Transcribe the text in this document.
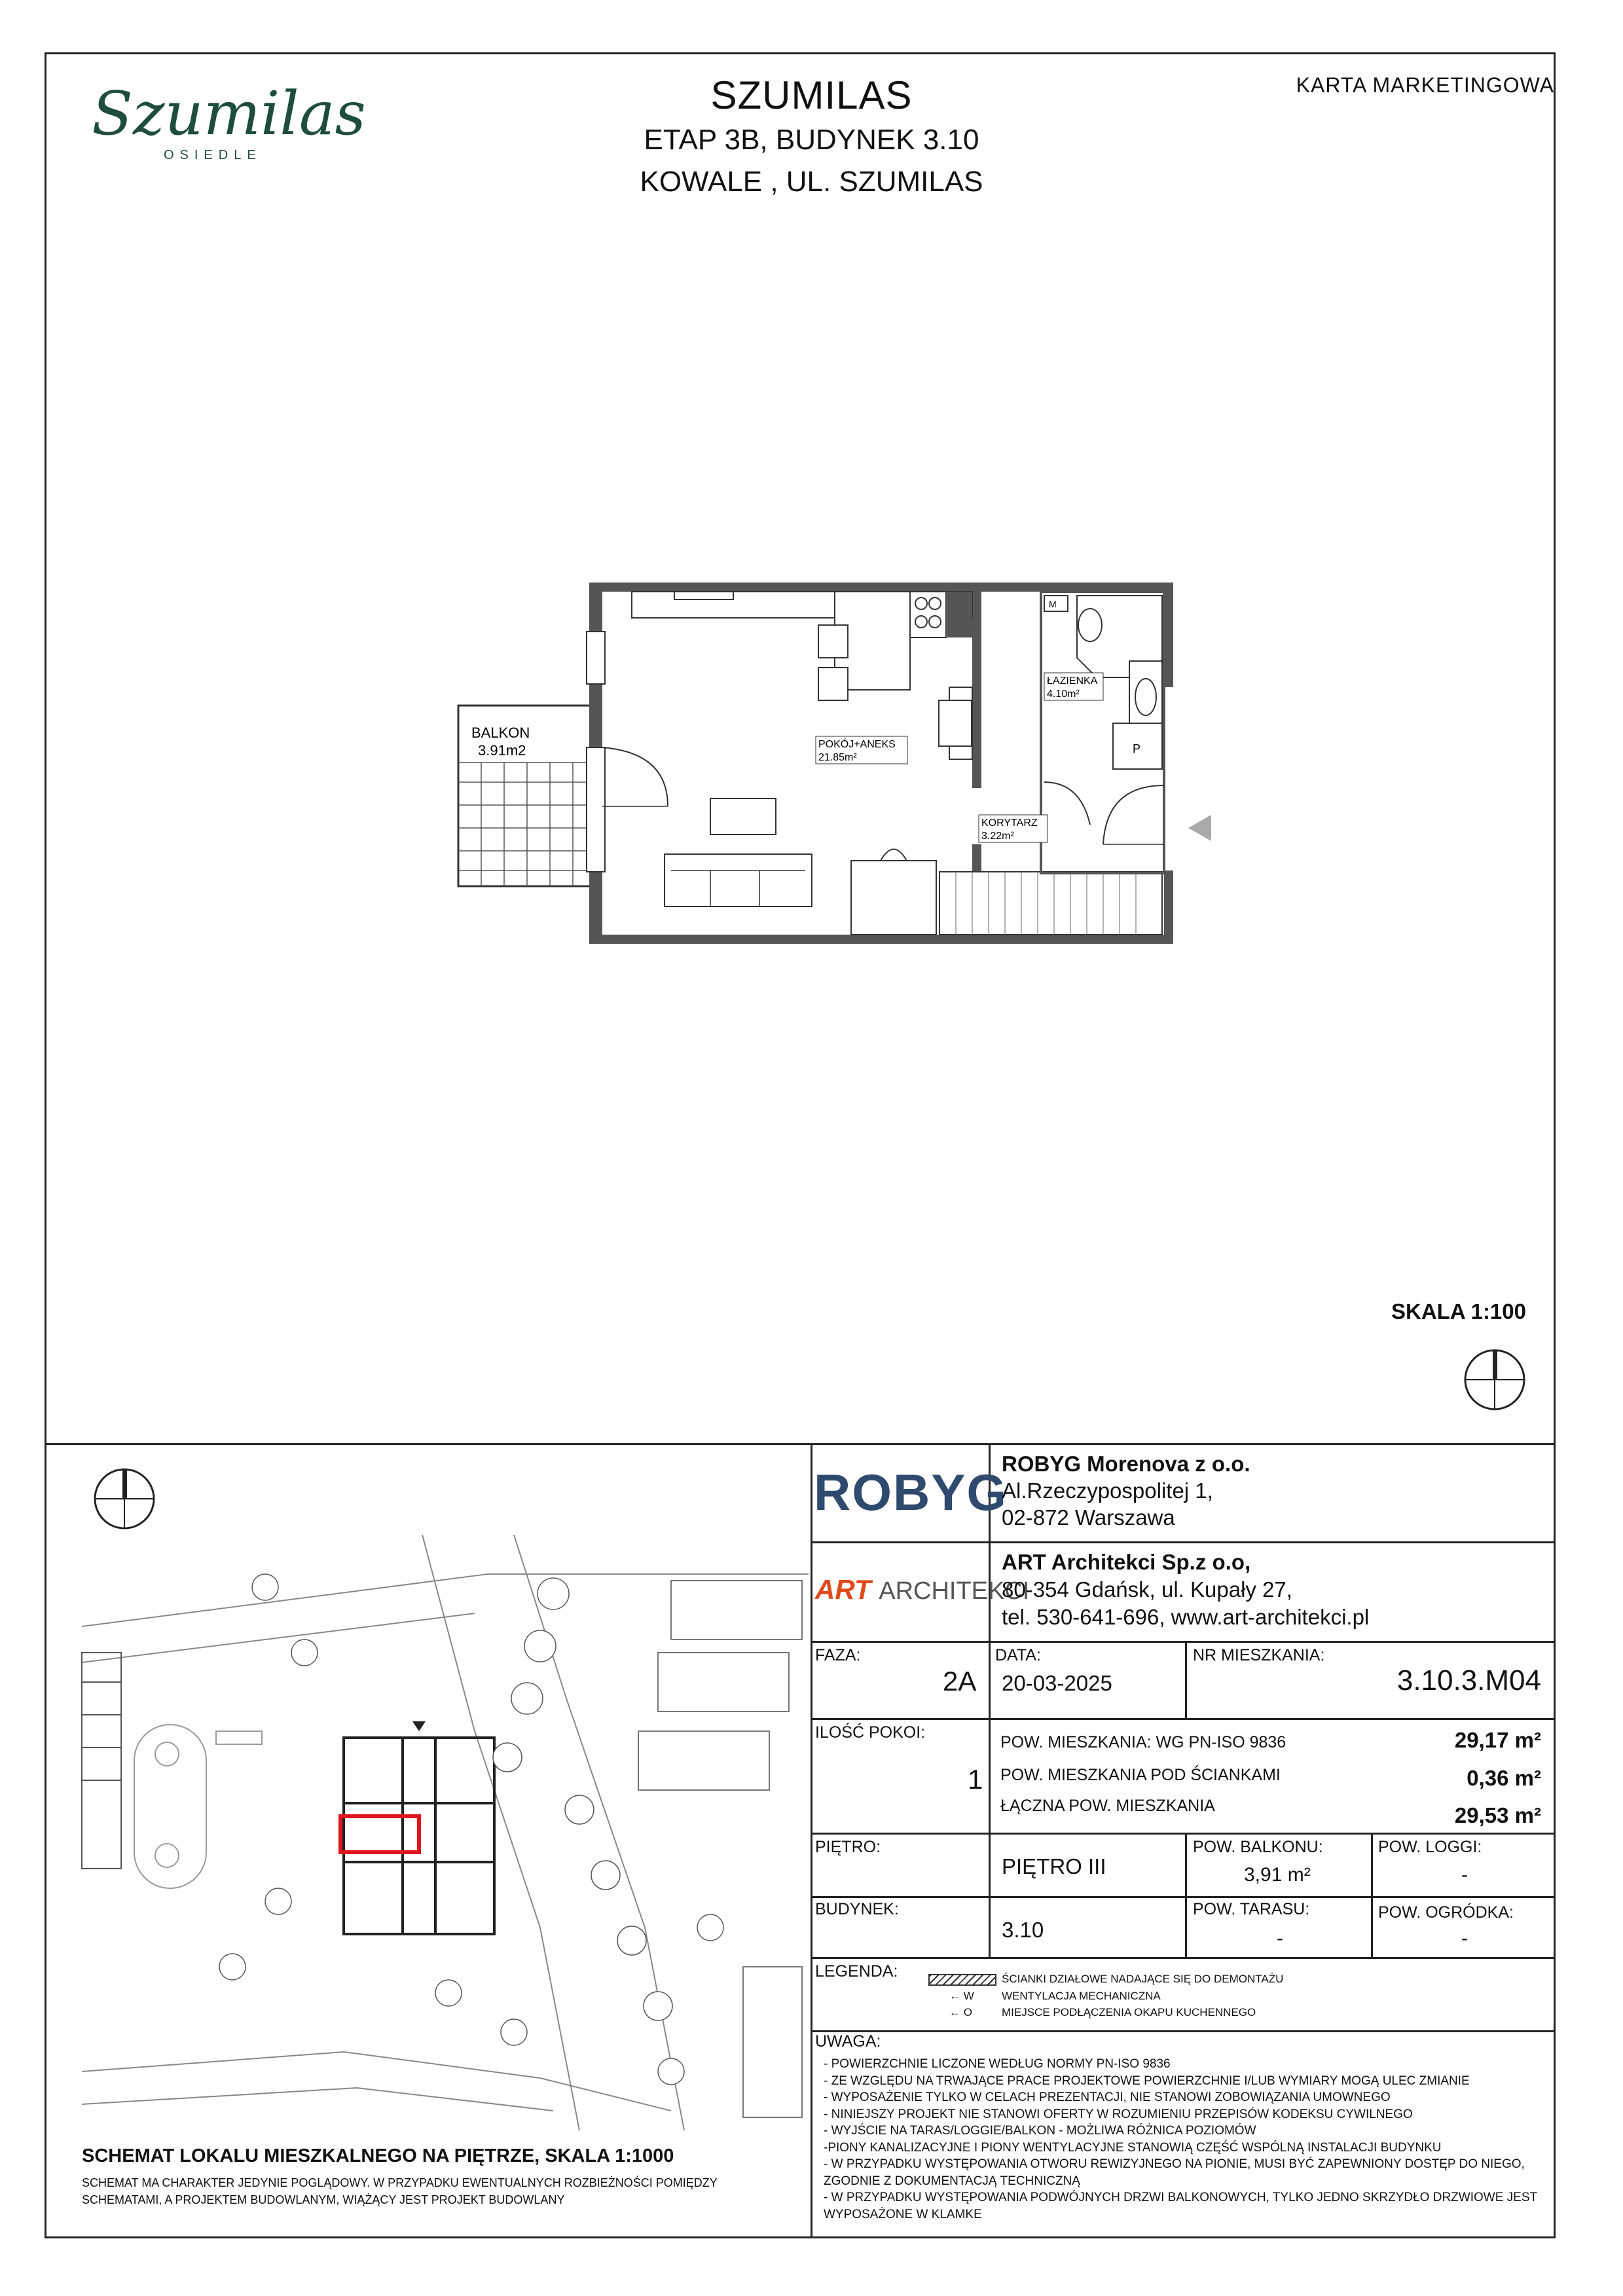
Szumilas
OSIEDLE
SZUMILAS
ETAP 3B, BUDYNEK 3.10
KOWALE , UL. SZUMILAS
KARTA MARKETINGOWA
BALKON
3.91m2
M
P
POKÓJ+ANEKS
21.85m²
ŁAZIENKA
4.10m²
KORYTARZ
3.22m²
SKALA 1:100
SCHEMAT LOKALU MIESZKALNEGO NA PIĘTRZE, SKALA 1:1000
SCHEMAT MA CHARAKTER JEDYNIE POGLĄDOWY. W PRZYPADKU EWENTUALNYCH ROZBIEŻNOŚCI POMIĘDZY
SCHEMATAMI, A PROJEKTEM BUDOWLANYM, WIĄŻĄCY JEST PROJEKT BUDOWLANY
ROBYG
ROBYG Morenova z o.o.
Al.Rzeczypospolitej 1,
02-872 Warszawa
ART ARCHITEKCI
ART Architekci Sp.z o.o,
80-354 Gdańsk, ul. Kupały 27,
tel. 530-641-696, www.art-architekci.pl
FAZA:
2A
DATA:
20-03-2025
NR MIESZKANIA:
3.10.3.M04
ILOŚĆ POKOI:
1
POW. MIESZKANIA: WG PN-ISO 9836	29,17 m²
POW. MIESZKANIA POD ŚCIANKAMI	0,36 m²
ŁĄCZNA POW. MIESZKANIA	29,53 m²
PIĘTRO:
PIĘTRO III
POW. BALKONU:
3,91 m²
POW. LOGGI:
-
BUDYNEK:
3.10
POW. TARASU:
-
POW. OGRÓDKA:
-
LEGENDA:	ŚCIANKI DZIAŁOWE NADAJĄCE SIĘ DO DEMONTAŻU
← W WENTYLACJA MECHANICZNA
← O	MIEJSCE PODŁĄCZENIA OKAPU KUCHENNEGO
UWAGA:
- POWIERZCHNIE LICZONE WEDŁUG NORMY PN-ISO 9836
- ZE WZGLĘDU NA TRWAJĄCE PRACE PROJEKTOWE POWIERZCHNIE I/LUB WYMIARY MOGĄ ULEC ZMIANIE
- WYPOSAŻENIE TYLKO W CELACH PREZENTACJI, NIE STANOWI ZOBOWIĄZANIA UMOWNEGO
- NINIEJSZY PROJEKT NIE STANOWI OFERTY W ROZUMIENIU PRZEPISÓW KODEKSU CYWILNEGO
- WYJŚCIE NA TARAS/LOGGIE/BALKON - MOŻLIWA RÓŻNICA POZIOMÓW
-PIONY KANALIZACYJNE I PIONY WENTYLACYJNE STANOWIĄ CZĘŚĆ WSPÓLNĄ INSTALACJI BUDYNKU
- W PRZYPADKU WYSTĘPOWANIA OTWORU REWIZYJNEGO NA PIONIE, MUSI BYĆ ZAPEWNIONY DOSTĘP DO NIEGO,
ZGODNIE Z DOKUMENTACJĄ TECHNICZNĄ
- W PRZYPADKU WYSTĘPOWANIA PODWÓJNYCH DRZWI BALKONOWYCH, TYLKO JEDNO SKRZYDŁO DRZWIOWE JEST
WYPOSAŻONE W KLAMKE
